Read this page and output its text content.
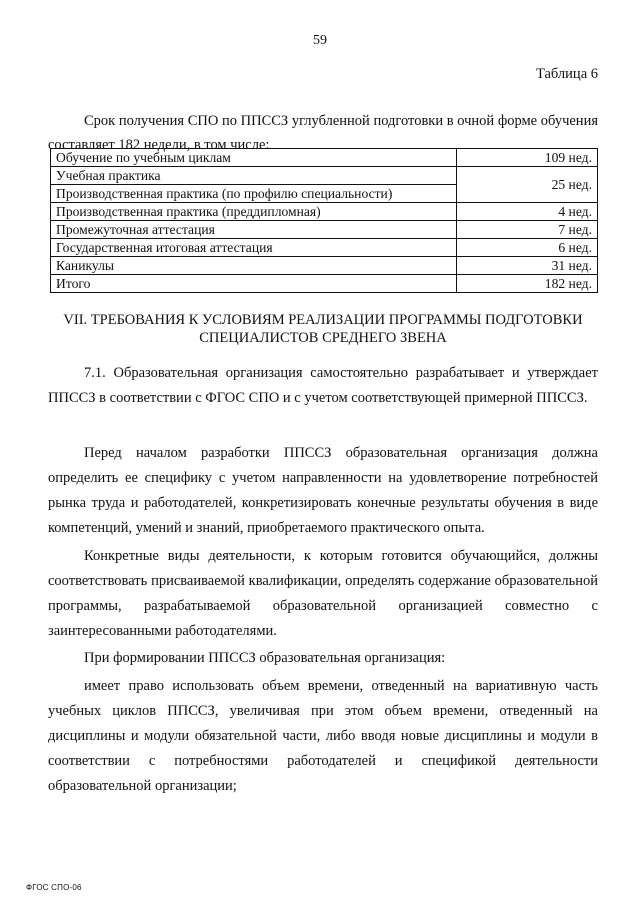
59
Таблица 6

Срок получения СПО по ППССЗ углубленной подготовки в очной форме обучения составляет 182 недели, в том числе:

Обучение по учебным циклам	109 нед.

Учебная практика
Производственная практика (по профилю специальности)	25 нед.
Производственная практика (преддипломная)	4 нед.
Промежуточная аттестация	7 нед.
Государственная итоговая аттестация	6 нед.
Каникулы	31 нед.
Итого	182 нед.
VII. ТРЕБОВАНИЯ К УСЛОВИЯМ РЕАЛИЗАЦИИ ПРОГРАММЫ ПОДГОТОВКИ
СПЕЦИАЛИСТОВ СРЕДНЕГО ЗВЕНА

7.1. Образовательная организация самостоятельно разрабатывает и утверждает ППССЗ в соответствии с ФГОС СПО и с учетом соответствующей примерной ППССЗ.

Перед началом разработки ППССЗ образовательная организация должна определить ее специфику с учетом направленности на удовлетворение потребностей рынка труда и работодателей, конкретизировать конечные результаты обучения в виде компетенций, умений и знаний, приобретаемого практического опыта.

Конкретные виды деятельности, к которым готовится обучающийся, должны соответствовать присваиваемой квалификации, определять содержание образовательной программы, разрабатываемой образовательной организацией совместно с заинтересованными работодателями.

При формировании ППССЗ образовательная организация:

имеет право использовать объем времени, отведенный на вариативную часть учебных циклов ППССЗ, увеличивая при этом объем времени, отведенный на дисциплины и модули обязательной части, либо вводя новые дисциплины и модули в соответствии с потребностями работодателей и спецификой деятельности образовательной организации;

ФГОС СПО-06
